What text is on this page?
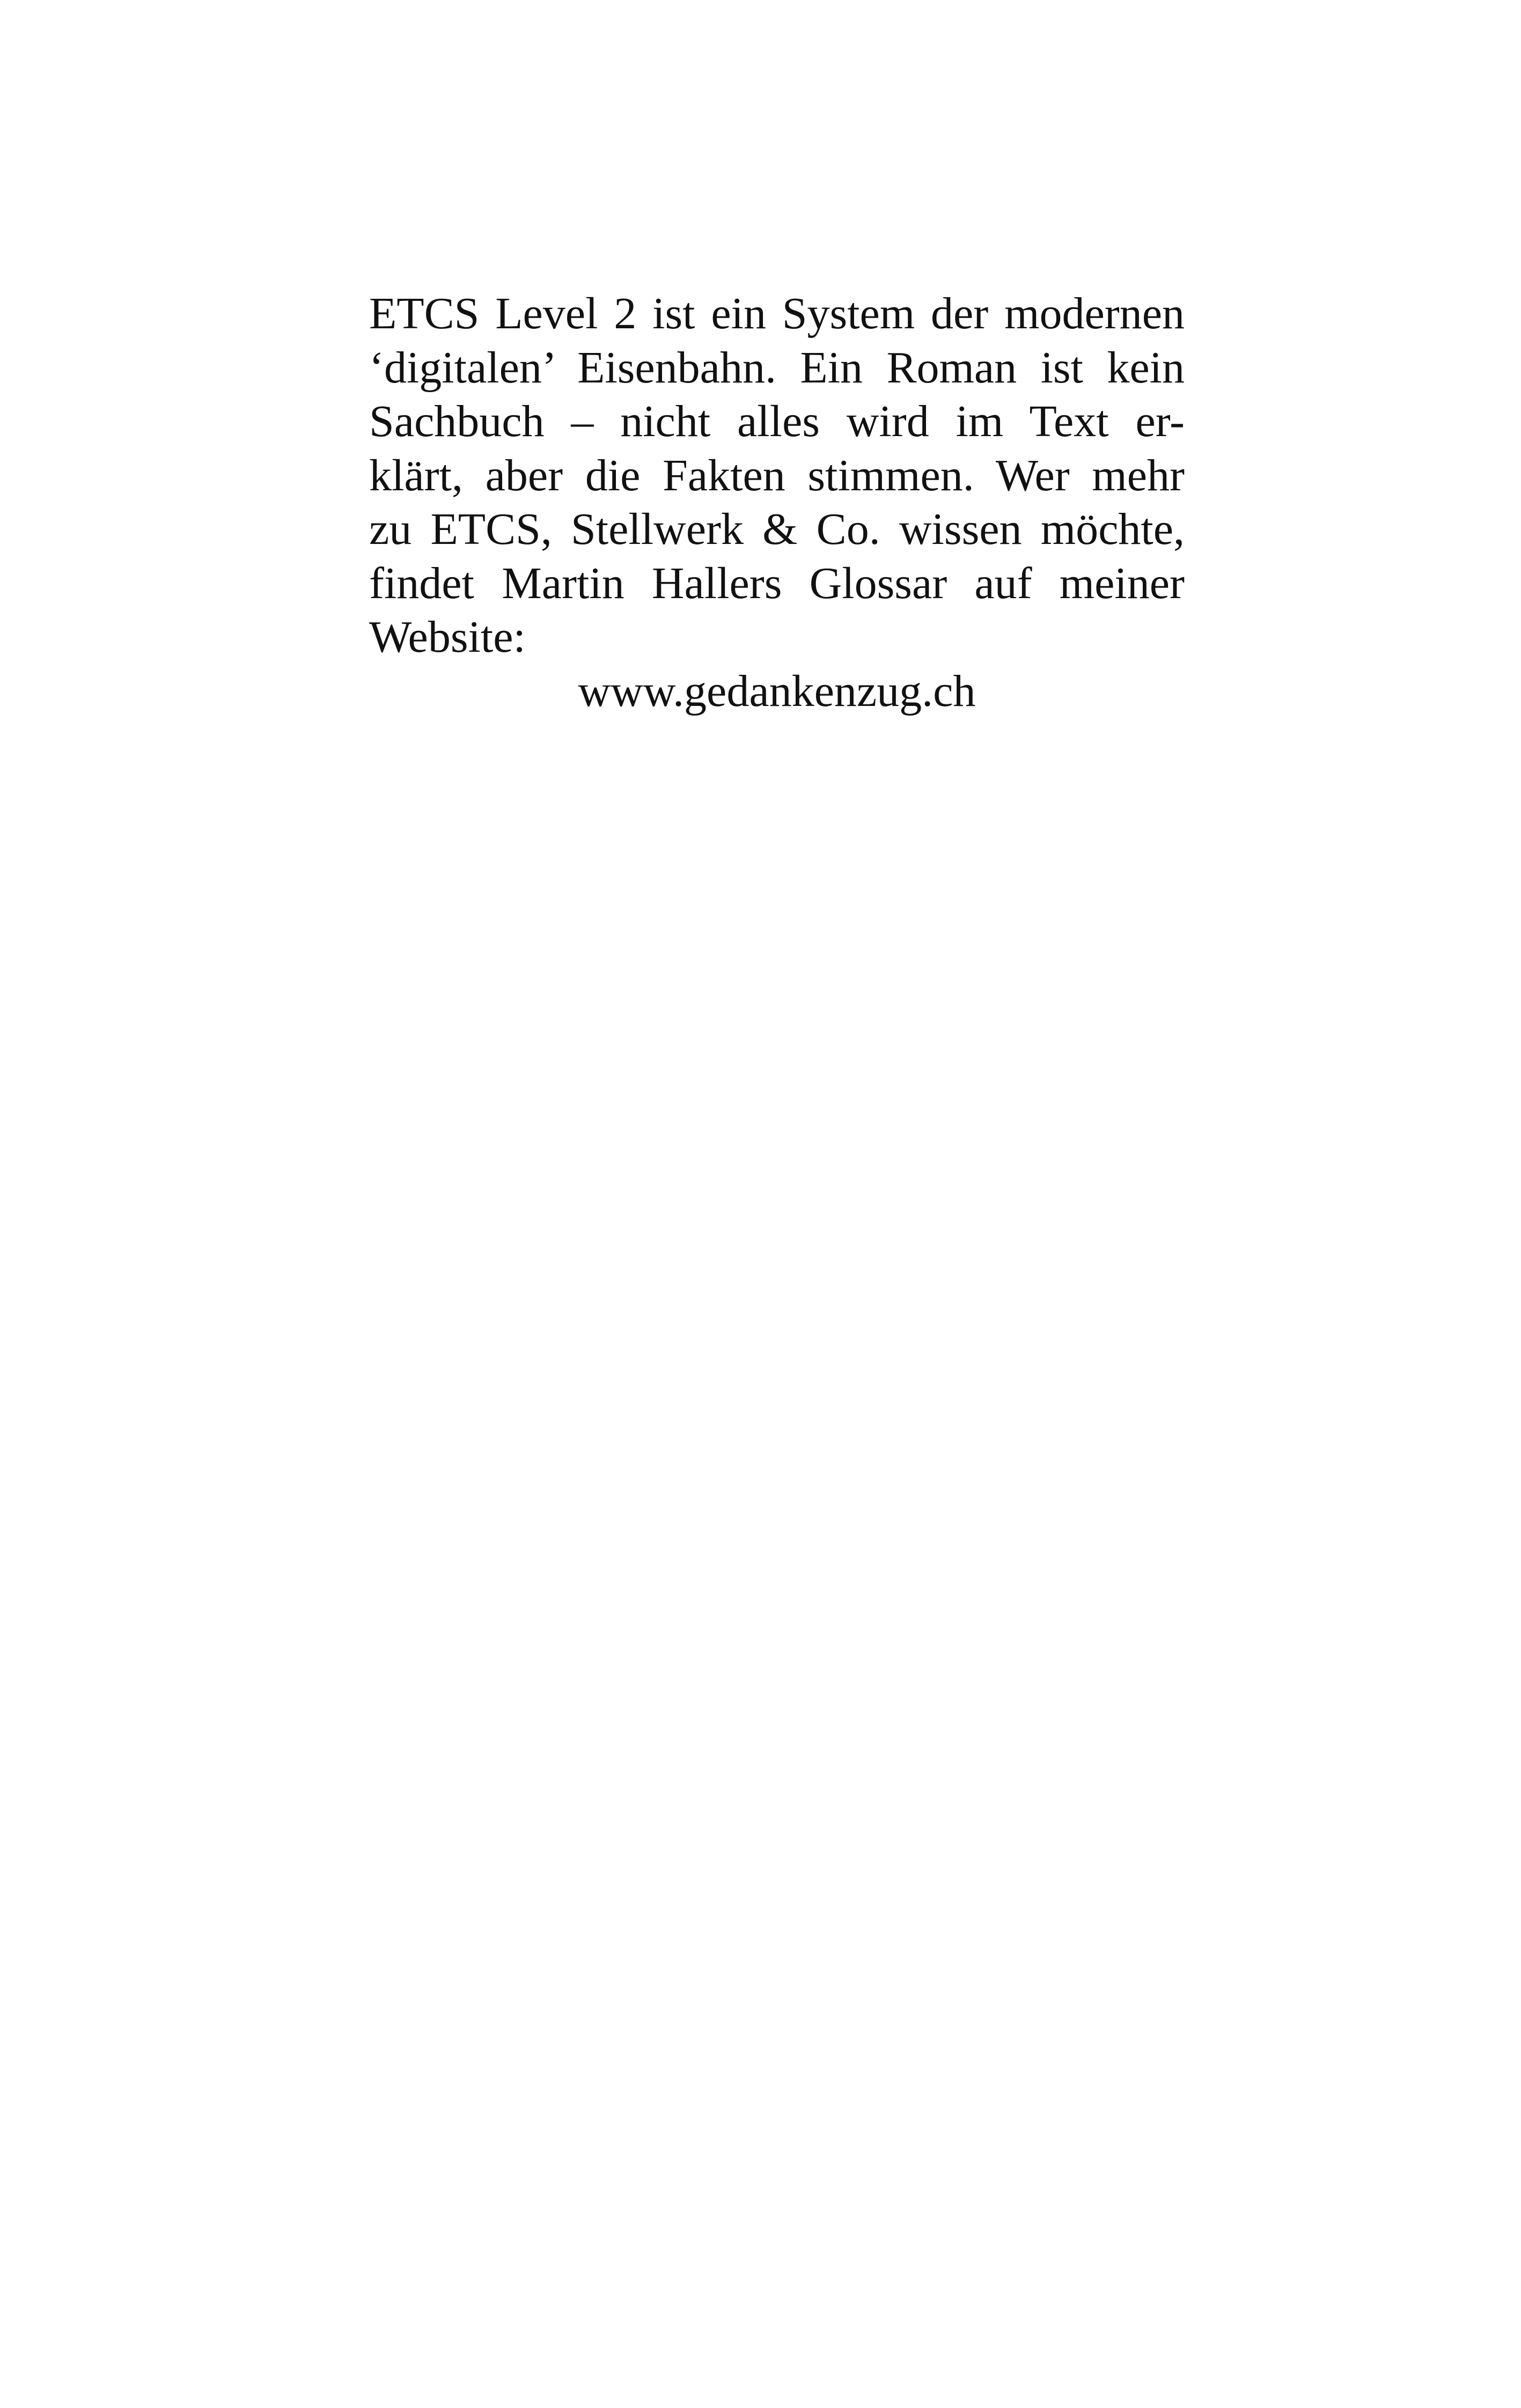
ETCS Level 2 ist ein System der modernen
‘digitalen’ Eisenbahn. Ein Roman ist kein
Sachbuch – nicht alles wird im Text er-
klärt, aber die Fakten stimmen. Wer mehr
zu ETCS, Stellwerk & Co. wissen möchte,
findet Martin Hallers Glossar auf meiner
Website:
www.gedankenzug.ch
